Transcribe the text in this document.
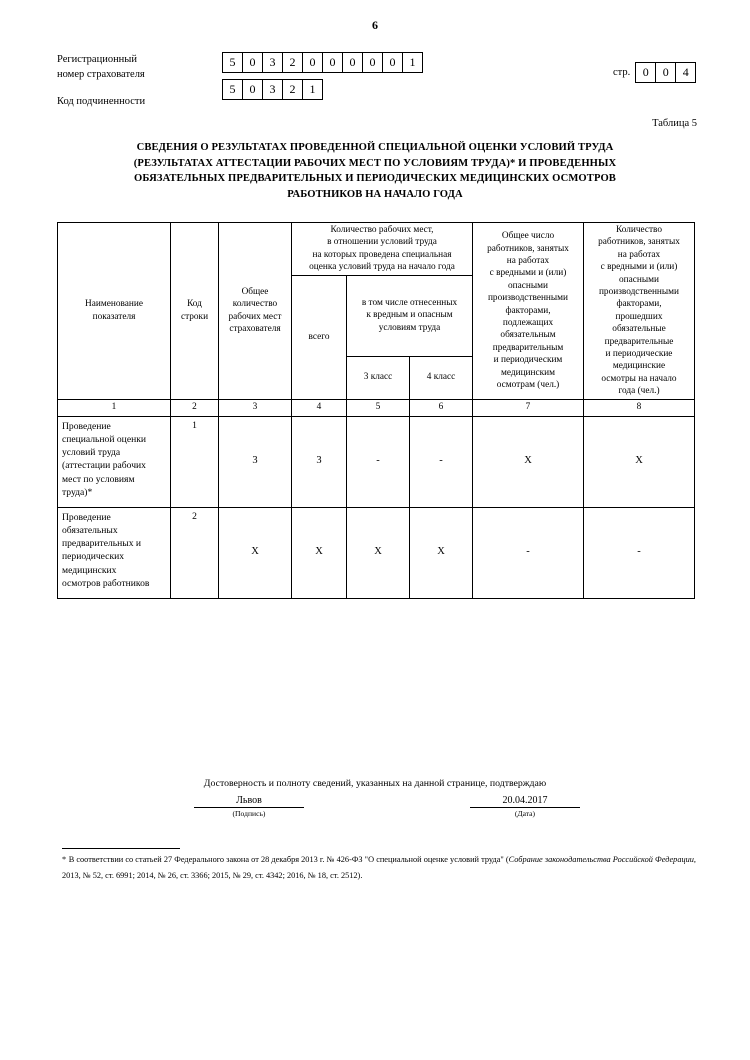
6
Регистрационный
номер страхователя
Код подчиненности
5	0	3	2	0	0	0	0	0	1
5	0	3	2	1
стр.	0	0	4
Таблица 5
СВЕДЕНИЯ О РЕЗУЛЬТАТАХ ПРОВЕДЕННОЙ СПЕЦИАЛЬНОЙ ОЦЕНКИ УСЛОВИЙ ТРУДА
(РЕЗУЛЬТАТАХ АТТЕСТАЦИИ РАБОЧИХ МЕСТ ПО УСЛОВИЯМ ТРУДА)* И ПРОВЕДЕННЫХ
ОБЯЗАТЕЛЬНЫХ ПРЕДВАРИТЕЛЬНЫХ И ПЕРИОДИЧЕСКИХ МЕДИЦИНСКИХ ОСМОТРОВ
РАБОТНИКОВ НА НАЧАЛО ГОДА
Наименование
показателя

Код
строки

Общее
количество
рабочих мест
страхователя

Количество рабочих мест,
в отношении условий труда
на которых проведена специальная
оценка условий труда на начало года

Общее число
работников, занятых
на работах
с вредными и (или)
опасными
производственными
факторами,
подлежащих
обязательным
предварительным
и периодическим
медицинским
осмотрам (чел.)

Количество
работников, занятых
на работах
с вредными и (или)
опасными
производственными
факторами,
прошедших
обязательные
предварительные
и периодические
медицинские
осмотры на начало
года (чел.)

			всего	в том числе отнесенных
к вредным и опасным
условиям труда			

				3 класс	4 класс		
1	2	3	4	5	6	7	8

Проведение
специальной оценки
условий труда
(аттестации рабочих
мест по условиям
труда)*
	1	3	3	-	-	Х	Х

Проведение
обязательных
предварительных и
периодических
медицинских
осмотров работников
	2	Х	Х	Х	Х	-	-
Достоверность и полноту сведений, указанных на данной странице, подтверждаю
Львов
(Подпись)
20.04.2017
(Дата)
* В соответствии со статьей 27 Федерального закона от 28 декабря 2013 г. № 426-ФЗ "О специальной оценке условий труда" (Собрание законодательства Российской Федерации, 2013, № 52, ст. 6991; 2014, № 26, ст. 3366; 2015, № 29, ст. 4342; 2016, № 18, ст. 2512).
